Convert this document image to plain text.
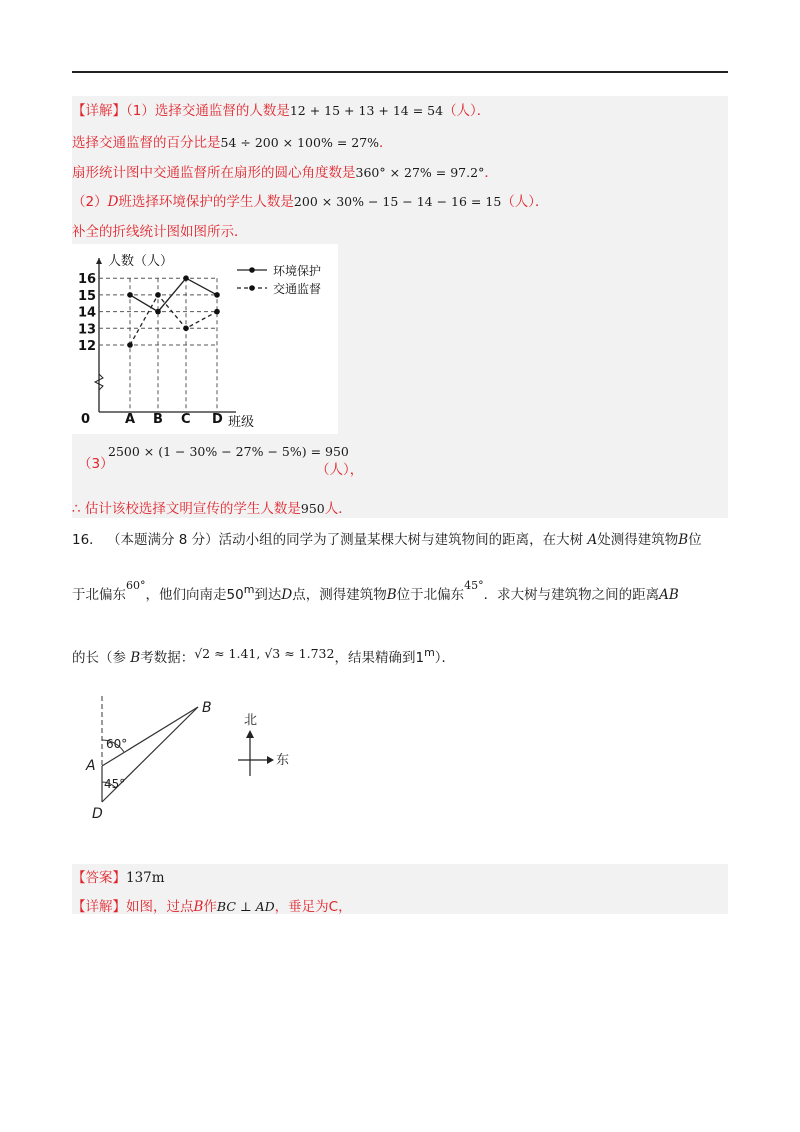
【详解】（1）选择交通监督的人数是12 + 15 + 13 + 14 = 54（人）．
选择交通监督的百分比是54 ÷ 200 × 100% = 27%．
扇形统计图中交通监督所在扇形的圆心角度数是360° × 27% = 97.2°．
（2）D班选择环境保护的学生人数是200 × 30% − 15 − 14 − 16 = 15（人）．
补全的折线统计图如图所示．
12
13
14
15
16
A B C D
0	班级
人数（人）
环境保护
交通监督
（3）
2500 × (1 − 30% − 27% − 5%) = 950
（人），
∴ 估计该校选择文明宣传的学生人数是950人．
16． （本题满分 8 分）活动小组的同学为了测量某棵大树与建筑物间的距离，在大树 A处测得建筑物B位
于北偏东$^{60^\circ}$，他们向南走50$^m$到达D点，测得建筑物B位于北偏东$^{45^\circ}$．求大树与建筑物之间的距离AB
的长（参 B考数据：√2 ≈ 1.41, √3 ≈ 1.732，结果精确到1$^m$）．
60°
45°
A
D
B
北
东
【答案】137m
【详解】如图，过点B作BC ⊥ AD，垂足为C，
